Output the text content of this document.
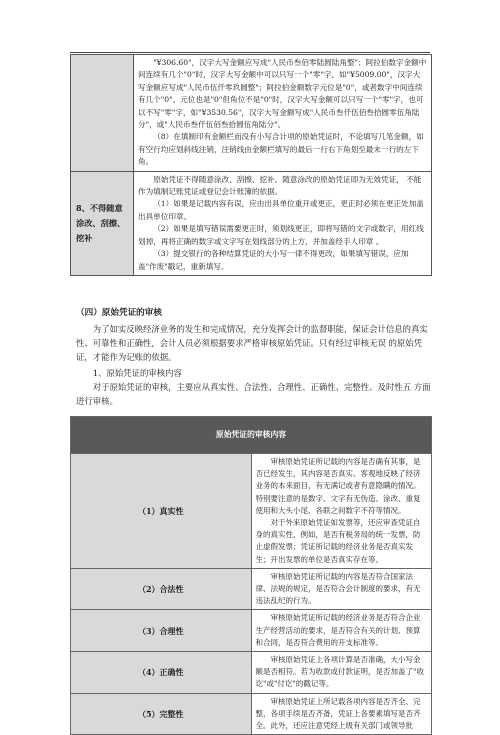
	"¥306.60"，汉字大写金额应写成"人民币叁佰零陆圆陆角整"；阿拉伯数字金额中间连续有几个"0"时，汉字大写金额中可以只写一个"零"字，如"¥5009.00"，汉字大写金额应写成"人民币伍仟零玖圆整"；阿拉伯金额数字元位是"0"，或者数字中间连续有几个"0"、元位也是"0"但角位不是"0"时，汉字大写金额可以只写一个"零"字，也可以不写"零"字，如"¥3530.56"，汉字大写金额写成"人民币叁仟伍佰叁拾圆零伍角陆分"，或"人民币叁仟伍佰叁拾圆伍角陆分"。

（8）在填制印有金额栏而没有小写合计项的原始凭证时，不论填写几笔金额，如有空行均应划斜线注销，注销线由金额栏填写的最后一行右下角划至最末一行的左下角。

8、不得随意涂改、刮擦、挖补	原始凭证不得随意涂改、刮擦、挖补。随意涂改的原始凭证即为无效凭证， 不能作为填制记账凭证或登记会计账簿的依据。

（1）如果是记载内容有误，应由出具单位重开或更正，更正时必须在更正处加盖出具单位印章。

（2）如果是填写错误需要更正时，须划线更正，即将写错的文字或数字，用红线划掉，再将正确的数字或文字写在划线部分的上方，并加盖经手人印章 。

（3）提交银行的各种结算凭证的大小写一律不得更改，如果填写错误，应加盖"作废"戳记，重新填写。

（四）原始凭证的审核

为了如实反映经济业务的发生和完成情况，充分发挥会计的监督职能，保证会计信息的真实性、可靠性和正确性，会计人员必须根据要求严格审核原始凭证。只有经过审核无误 的原始凭证，才能作为记账的依据。

1、原始凭证的审核内容

对于原始凭证的审核，主要应从真实性、合法性、合理性、正确性、完整性、及时性五 方面进行审核。

原始凭证的审核内容	
（1）真实性	审核原始凭证所记载的内容是否确有其事，是否已经发生，其内容是否真实、客观地反映了经济业务的本来面目，有无满记或者有意隐瞒的情况。 特别要注意的是数字、文字有无伪造、涂改、重复使用和大头小尾、各联之间数字不符等情况。

对于外来原始凭证如发票等，还应审查凭证自身的真实性，例如，是否有税务局的统一发票，防止虚假发票；凭证所记载的经济业务是否真实发生；开出发票的单位是否真实存在等。

（2）合法性	审核原始凭证所记载的内容是否符合国家法律、法规的规定，是否符合会计制度的要求，有无违法乱纪的行为。

（3）合理性	审核原始凭证所记载的经济业务是否符合企业生产经营活动的要求，是否符合有关的计划、预算和合同，是否符合费用的开支标准等。

（4）正确性	审核原始凭证上各项计算是否准确，大小写金额是否相符。若为收款或付款证明，是否加盖了"收讫"或"付讫"的戳记等。

（5）完整性	审核原始凭证上所记载各项内容是否齐全、完整，各项手续是否齐备，凭证上各要素填写是否齐全。此外，还应注意凭经上级有关部门或领导批
